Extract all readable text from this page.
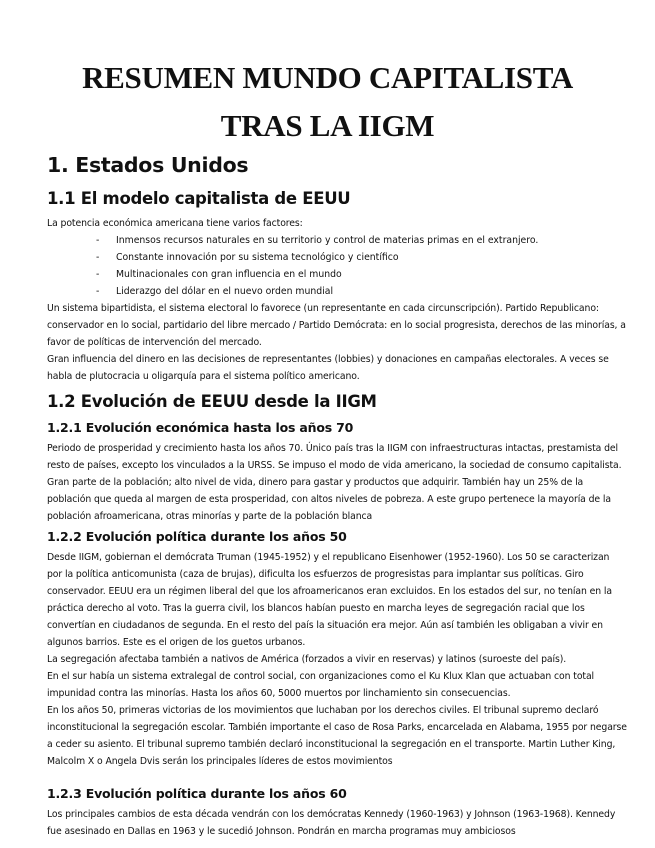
RESUMEN MUNDO CAPITALISTA
TRAS LA IIGM
1. Estados Unidos
1.1 El modelo capitalista de EEUU

La potencia económica americana tiene varios factores:

- Inmensos recursos naturales en su territorio y control de materias primas en el extranjero.
- Constante innovación por su sistema tecnológico y científico
- Multinacionales con gran influencia en el mundo
- Liderazgo del dólar en el nuevo orden mundial

Un sistema bipartidista, el sistema electoral lo favorece (un representante en cada circunscripción). Partido Republicano: conservador en lo social, partidario del libre mercado / Partido Demócrata: en lo social progresista, derechos de las minorías, a favor de políticas de intervención del mercado.

Gran influencia del dinero en las decisiones de representantes (lobbies) y donaciones en campañas electorales. A veces se habla de plutocracia u oligarquía para el sistema político americano.

1.2 Evolución de EEUU desde la IIGM
1.2.1 Evolución económica hasta los años 70

Periodo de prosperidad y crecimiento hasta los años 70. Único país tras la IIGM con infraestructuras intactas, prestamista del resto de países, excepto los vinculados a la URSS. Se impuso el modo de vida americano, la sociedad de consumo capitalista. Gran parte de la población; alto nivel de vida, dinero para gastar y productos que adquirir. También hay un 25% de la población que queda al margen de esta prosperidad, con altos niveles de pobreza. A este grupo pertenece la mayoría de la población afroamericana, otras minorías y parte de la población blanca

1.2.2 Evolución política durante los años 50

Desde IIGM, gobiernan el demócrata Truman (1945-1952) y el republicano Eisenhower (1952-1960). Los 50 se caracterizan por la política anticomunista (caza de brujas), dificulta los esfuerzos de progresistas para implantar sus políticas. Giro conservador. EEUU era un régimen liberal del que los afroamericanos eran excluidos. En los estados del sur, no tenían en la práctica derecho al voto. Tras la guerra civil, los blancos habían puesto en marcha leyes de segregación racial que los convertían en ciudadanos de segunda. En el resto del país la situación era mejor. Aún así también les obligaban a vivir en algunos barrios. Este es el origen de los guetos urbanos.

La segregación afectaba también a nativos de América (forzados a vivir en reservas) y latinos (suroeste del país).

En el sur había un sistema extralegal de control social, con organizaciones como el Ku Klux Klan que actuaban con total impunidad contra las minorías. Hasta los años 60, 5000 muertos por linchamiento sin consecuencias.

En los años 50, primeras victorias de los movimientos que luchaban por los derechos civiles. El tribunal supremo declaró inconstitucional la segregación escolar. También importante el caso de Rosa Parks, encarcelada en Alabama, 1955 por negarse a ceder su asiento. El tribunal supremo también declaró inconstitucional la segregación en el transporte. Martin Luther King, Malcolm X o Angela Dvis serán los principales líderes de estos movimientos

1.2.3 Evolución política durante los años 60

Los principales cambios de esta década vendrán con los demócratas Kennedy (1960-1963) y Johnson (1963-1968). Kennedy fue asesinado en Dallas en 1963 y le sucedió Johnson. Pondrán en marcha programas muy ambiciosos
